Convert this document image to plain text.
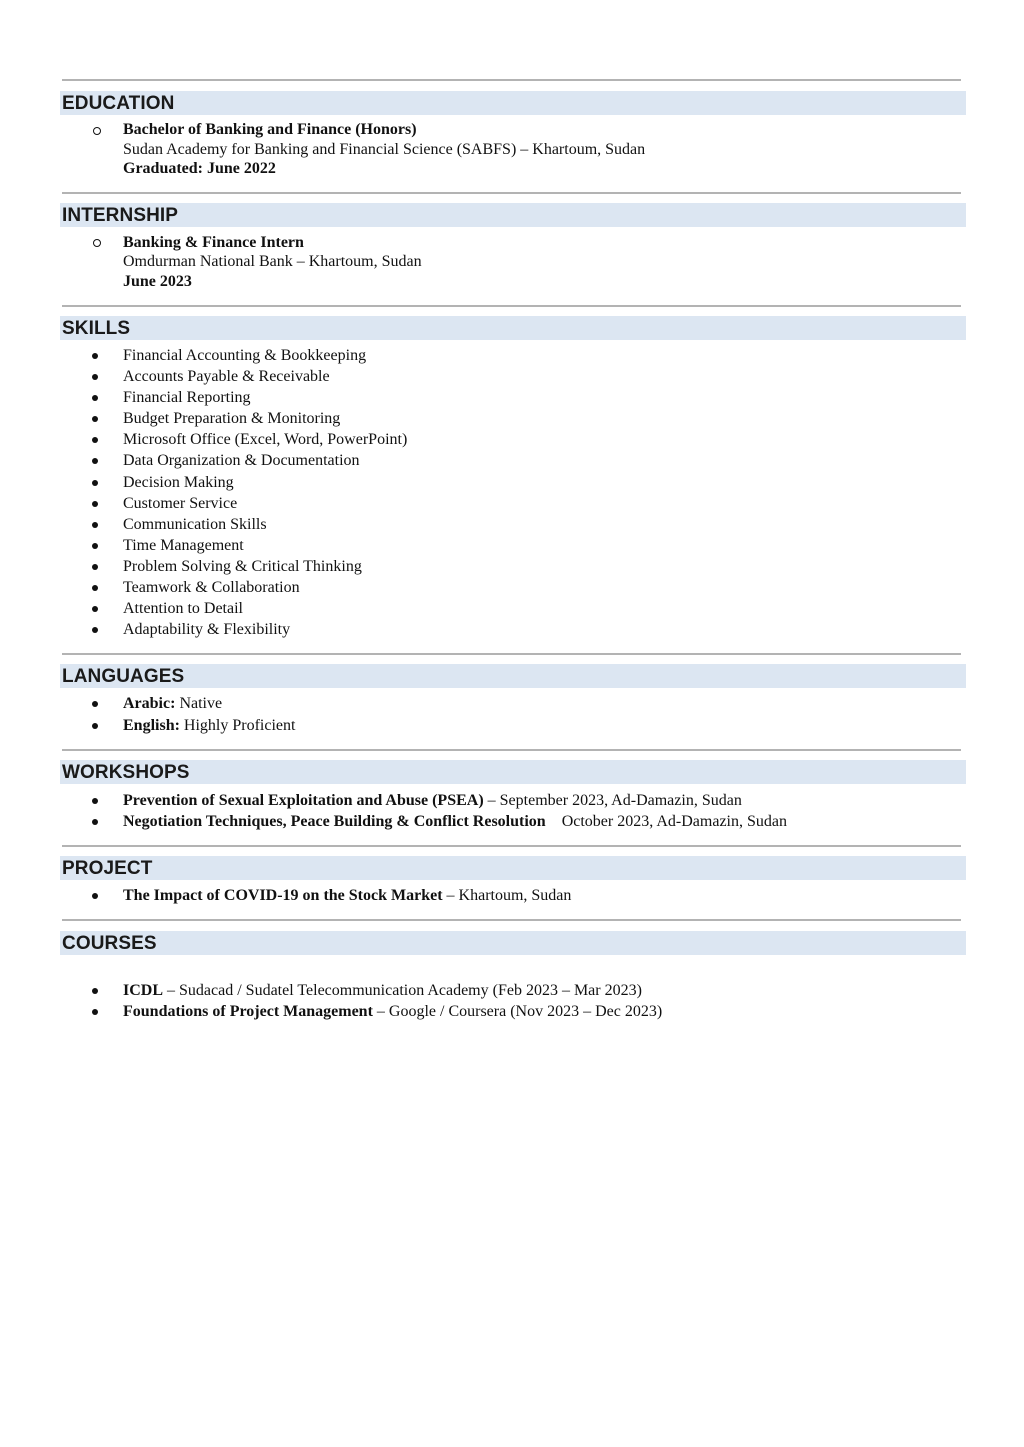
EDUCATION
Bachelor of Banking and Finance (Honors)
Sudan Academy for Banking and Financial Science (SABFS) – Khartoum, Sudan
Graduated: June 2022
INTERNSHIP
Banking & Finance Intern
Omdurman National Bank – Khartoum, Sudan
June 2023
SKILLS
Financial Accounting & Bookkeeping
Accounts Payable & Receivable
Financial Reporting
Budget Preparation & Monitoring
Microsoft Office (Excel, Word, PowerPoint)
Data Organization & Documentation
Decision Making
Customer Service
Communication Skills
Time Management
Problem Solving & Critical Thinking
Teamwork & Collaboration
Attention to Detail
Adaptability & Flexibility
LANGUAGES
Arabic: Native
English: Highly Proficient
WORKSHOPS
Prevention of Sexual Exploitation and Abuse (PSEA) – September 2023, Ad-Damazin, Sudan
Negotiation Techniques, Peace Building & Conflict Resolution    October 2023, Ad-Damazin, Sudan
PROJECT
The Impact of COVID-19 on the Stock Market – Khartoum, Sudan
COURSES
ICDL – Sudacad / Sudatel Telecommunication Academy (Feb 2023 – Mar 2023)
Foundations of Project Management – Google / Coursera (Nov 2023 – Dec 2023)
